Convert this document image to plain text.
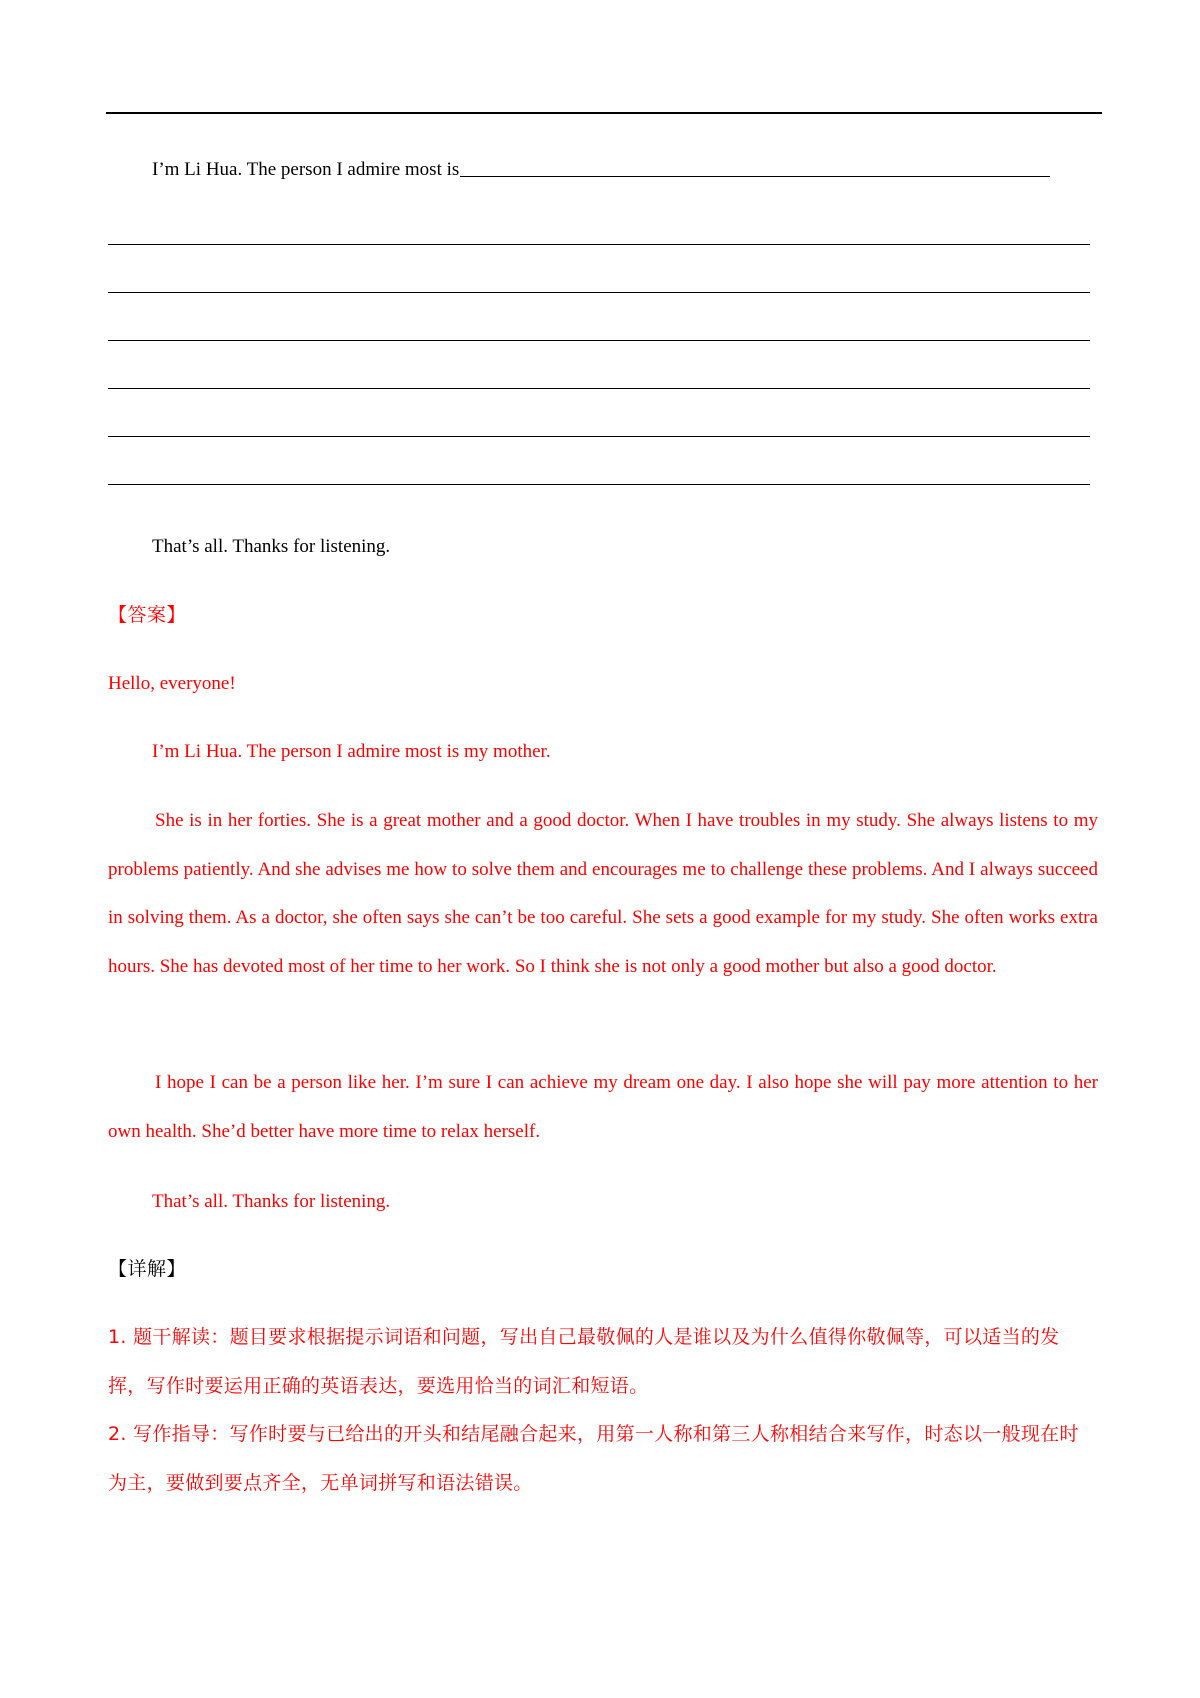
I’m Li Hua. The person I admire most is
That’s all. Thanks for listening.
【答案】
Hello, everyone!
I’m Li Hua. The person I admire most is my mother.
She is in her forties. She is a great mother and a good doctor. When I have troubles in my study. She always listens to my problems patiently. And she advises me how to solve them and encourages me to challenge these problems. And I always succeed in solving them. As a doctor, she often says she can’t be too careful. She sets a good example for my study. She often works extra hours. She has devoted most of her time to her work. So I think she is not only a good mother but also a good doctor.
I hope I can be a person like her. I’m sure I can achieve my dream one day. I also hope she will pay more attention to her own health. She’d better have more time to relax herself.
That’s all. Thanks for listening.
【详解】
1. 题干解读：题目要求根据提示词语和问题，写出自己最敬佩的人是谁以及为什么值得你敬佩等，可以适当的发挥，写作时要运用正确的英语表达，要选用恰当的词汇和短语。
2. 写作指导：写作时要与已给出的开头和结尾融合起来，用第一人称和第三人称相结合来写作，时态以一般现在时为主，要做到要点齐全，无单词拼写和语法错误。
